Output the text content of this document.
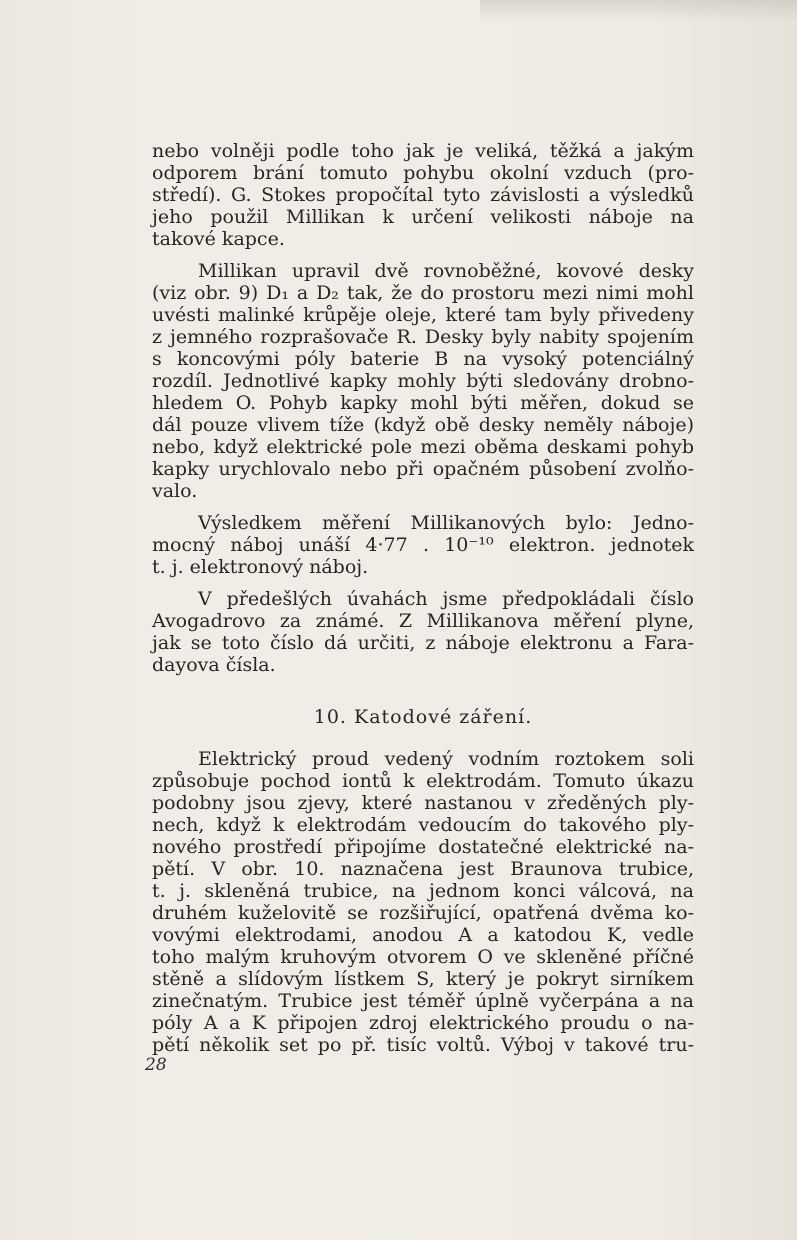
nebo volněji podle toho jak je veliká, těžká a jakým
odporem brání tomuto pohybu okolní vzduch (pro-
středí). G. Stokes propočítal tyto závislosti a výsledků
jeho použil Millikan k určení velikosti náboje na
takové kapce.
Millikan upravil dvě rovnoběžné, kovové desky
(viz obr. 9) D₁ a D₂ tak, že do prostoru mezi nimi mohl
uvésti malinké krůpěje oleje, které tam byly přivedeny
z jemného rozprašovače R. Desky byly nabity spojením
s koncovými póly baterie B na vysoký potenciálný
rozdíl. Jednotlivé kapky mohly býti sledovány drobno-
hledem O. Pohyb kapky mohl býti měřen, dokud se
dál pouze vlivem tíže (když obě desky neměly náboje)
nebo, když elektrické pole mezi oběma deskami pohyb
kapky urychlovalo nebo při opačném působení zvolňo-
valo.
Výsledkem měření Millikanových bylo: Jedno-
mocný náboj unáší 4·77 . 10⁻¹⁰ elektron. jednotek
t. j. elektronový náboj.
V předešlých úvahách jsme předpokládali číslo
Avogadrovo za známé. Z Millikanova měření plyne,
jak se toto číslo dá určiti, z náboje elektronu a Fara-
dayova čísla.
10. Katodové záření.
Elektrický proud vedený vodním roztokem soli
způsobuje pochod iontů k elektrodám. Tomuto úkazu
podobny jsou zjevy, které nastanou v zředěných ply-
nech, když k elektrodám vedoucím do takového ply-
nového prostředí připojíme dostatečné elektrické na-
pětí. V obr. 10. naznačena jest Braunova trubice,
t. j. skleněná trubice, na jednom konci válcová, na
druhém kuželovitě se rozšiřující, opatřená dvěma ko-
vovými elektrodami, anodou A a katodou K, vedle
toho malým kruhovým otvorem O ve skleněné příčné
stěně a slídovým lístkem S, který je pokryt sirníkem
zinečnatým. Trubice jest téměř úplně vyčerpána a na
póly A a K připojen zdroj elektrického proudu o na-
pětí několik set po př. tisíc voltů. Výboj v takové tru-
28
